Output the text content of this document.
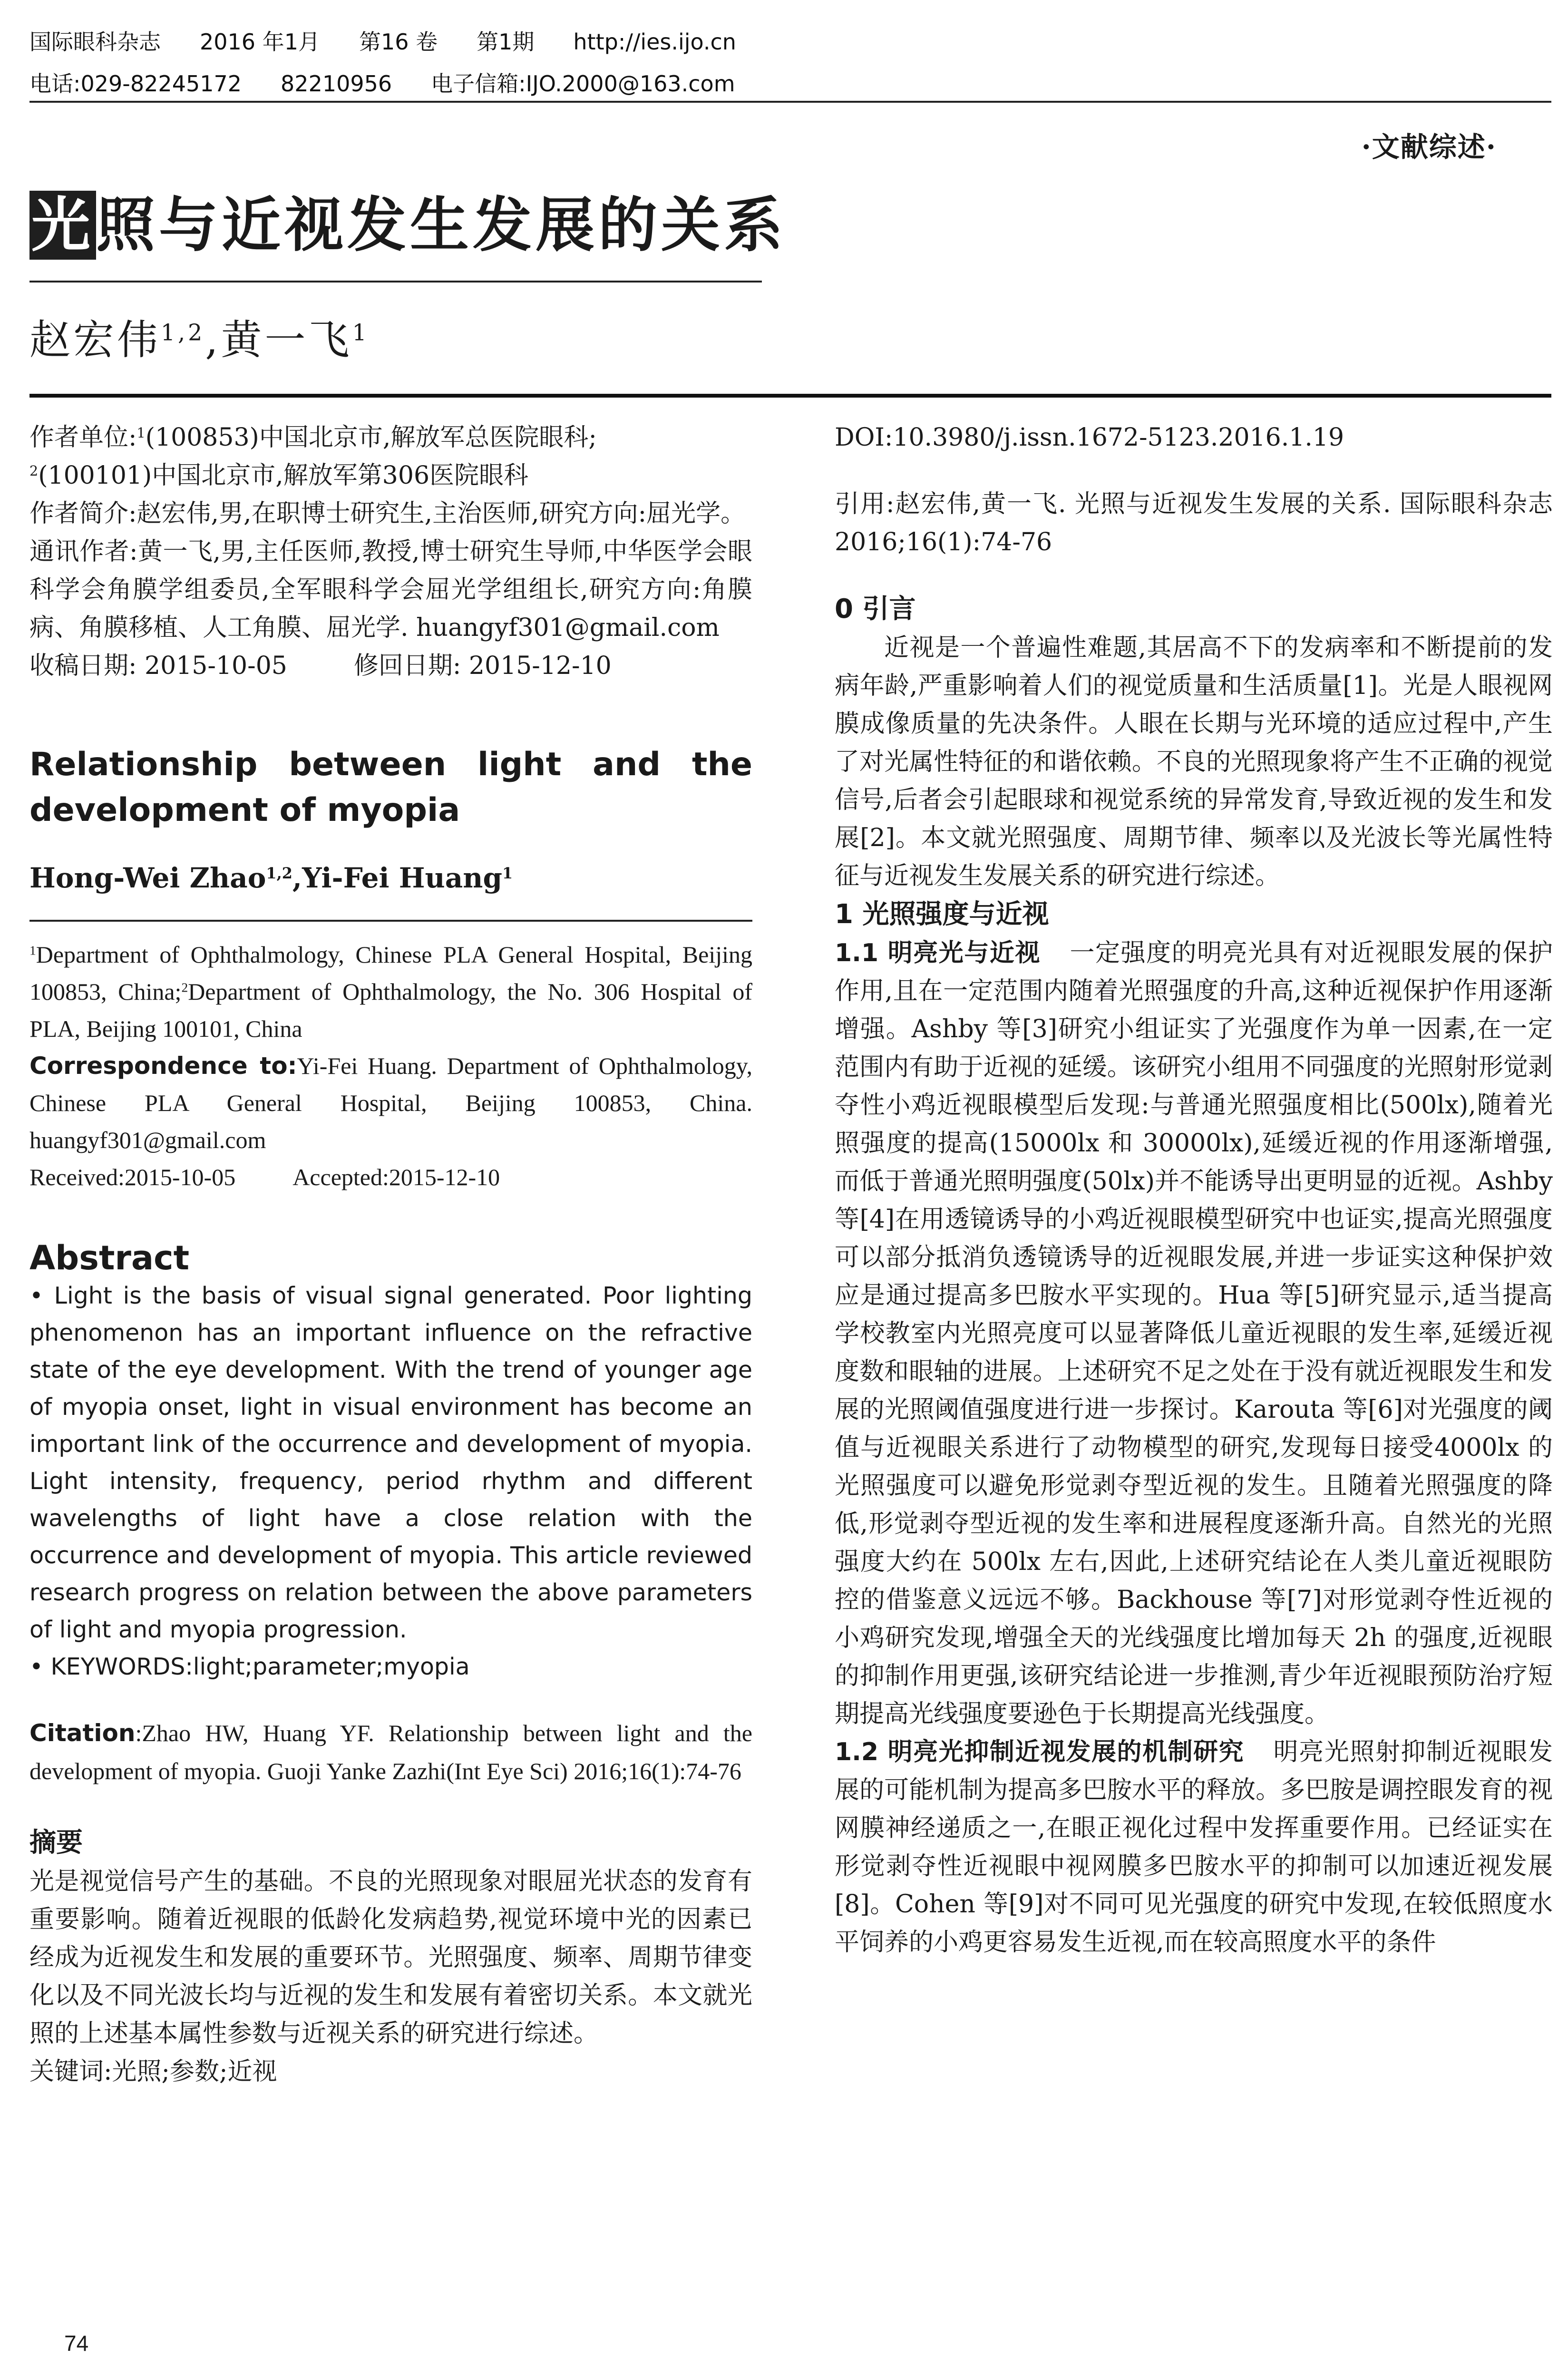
国际眼科杂志 2016 年1月 第16 卷 第1期 http://ies.ijo.cn
电话:029-82245172 82210956 电子信箱:IJO.2000@163.com
·文献综述·
光照与近视发生发展的关系
赵宏伟$^{1,2}$,黄一飞$^1$

作者单位:$^1$(100853)中国北京市,解放军总医院眼科;
$^2$(100101)中国北京市,解放军第306医院眼科

作者简介:赵宏伟,男,在职博士研究生,主治医师,研究方向:屈光学。

通讯作者:黄一飞,男,主任医师,教授,博士研究生导师,中华医学会眼科学会角膜学组委员,全军眼科学会屈光学组组长,研究方向:角膜病、角膜移植、人工角膜、屈光学. huangyf301@gmail.com

收稿日期: 2015-10-05	修回日期: 2015-12-10

Relationship between light and the

development of myopia

Hong-Wei Zhao$^{1,2}$,Yi-Fei Huang$^1$

$^1$Department of Ophthalmology, Chinese PLA General Hospital, Beijing 100853, China;$^2$Department of Ophthalmology, the No. 306 Hospital of PLA, Beijing 100101, China

Correspondence to:Yi-Fei Huang. Department of Ophthalmology, Chinese PLA General Hospital, Beijing 100853, China. huangyf301@gmail.com

Received:2015-10-05 Accepted:2015-12-10

Abstract

• Light is the basis of visual signal generated. Poor lighting phenomenon has an important influence on the refractive state of the eye development. With the trend of younger age of myopia onset, light in visual environment has become an important link of the occurrence and development of myopia. Light intensity, frequency, period rhythm and different wavelengths of light have a close relation with the occurrence and development of myopia. This article reviewed research progress on relation between the above parameters of light and myopia progression.

• KEYWORDS:light;parameter;myopia

Citation:Zhao HW, Huang YF. Relationship between light and the development of myopia. Guoji Yanke Zazhi(Int Eye Sci) 2016;16(1):74-76

摘要

光是视觉信号产生的基础。不良的光照现象对眼屈光状态的发育有重要影响。随着近视眼的低龄化发病趋势,视觉环境中光的因素已经成为近视发生和发展的重要环节。光照强度、频率、周期节律变化以及不同光波长均与近视的发生和发展有着密切关系。本文就光照的上述基本属性参数与近视关系的研究进行综述。

关键词:光照;参数;近视

DOI:10.3980/j.issn.1672-5123.2016.1.19

引用:赵宏伟,黄一飞. 光照与近视发生发展的关系. 国际眼科杂志 2016;16(1):74-76

0 引言

近视是一个普遍性难题,其居高不下的发病率和不断提前的发病年龄,严重影响着人们的视觉质量和生活质量[1]。光是人眼视网膜成像质量的先决条件。人眼在长期与光环境的适应过程中,产生了对光属性特征的和谐依赖。不良的光照现象将产生不正确的视觉信号,后者会引起眼球和视觉系统的异常发育,导致近视的发生和发展[2]。本文就光照强度、周期节律、频率以及光波长等光属性特征与近视发生发展关系的研究进行综述。

1 光照强度与近视

1.1 明亮光与近视 一定强度的明亮光具有对近视眼发展的保护作用,且在一定范围内随着光照强度的升高,这种近视保护作用逐渐增强。Ashby 等[3]研究小组证实了光强度作为单一因素,在一定范围内有助于近视的延缓。该研究小组用不同强度的光照射形觉剥夺性小鸡近视眼模型后发现:与普通光照强度相比(500lx),随着光照强度的提高(15000lx 和 30000lx),延缓近视的作用逐渐增强,而低于普通光照明强度(50lx)并不能诱导出更明显的近视。Ashby 等[4]在用透镜诱导的小鸡近视眼模型研究中也证实,提高光照强度可以部分抵消负透镜诱导的近视眼发展,并进一步证实这种保护效应是通过提高多巴胺水平实现的。Hua 等[5]研究显示,适当提高学校教室内光照亮度可以显著降低儿童近视眼的发生率,延缓近视度数和眼轴的进展。上述研究不足之处在于没有就近视眼发生和发展的光照阈值强度进行进一步探讨。Karouta 等[6]对光强度的阈值与近视眼关系进行了动物模型的研究,发现每日接受4000lx 的光照强度可以避免形觉剥夺型近视的发生。且随着光照强度的降低,形觉剥夺型近视的发生率和进展程度逐渐升高。自然光的光照强度大约在 500lx 左右,因此,上述研究结论在人类儿童近视眼防控的借鉴意义远远不够。Backhouse 等[7]对形觉剥夺性近视的小鸡研究发现,增强全天的光线强度比增加每天 2h 的强度,近视眼的抑制作用更强,该研究结论进一步推测,青少年近视眼预防治疗短期提高光线强度要逊色于长期提高光线强度。

1.2 明亮光抑制近视发展的机制研究 明亮光照射抑制近视眼发展的可能机制为提高多巴胺水平的释放。多巴胺是调控眼发育的视网膜神经递质之一,在眼正视化过程中发挥重要作用。已经证实在形觉剥夺性近视眼中视网膜多巴胺水平的抑制可以加速近视发展[8]。Cohen 等[9]对不同可见光强度的研究中发现,在较低照度水平饲养的小鸡更容易发生近视,而在较高照度水平的条件

74
